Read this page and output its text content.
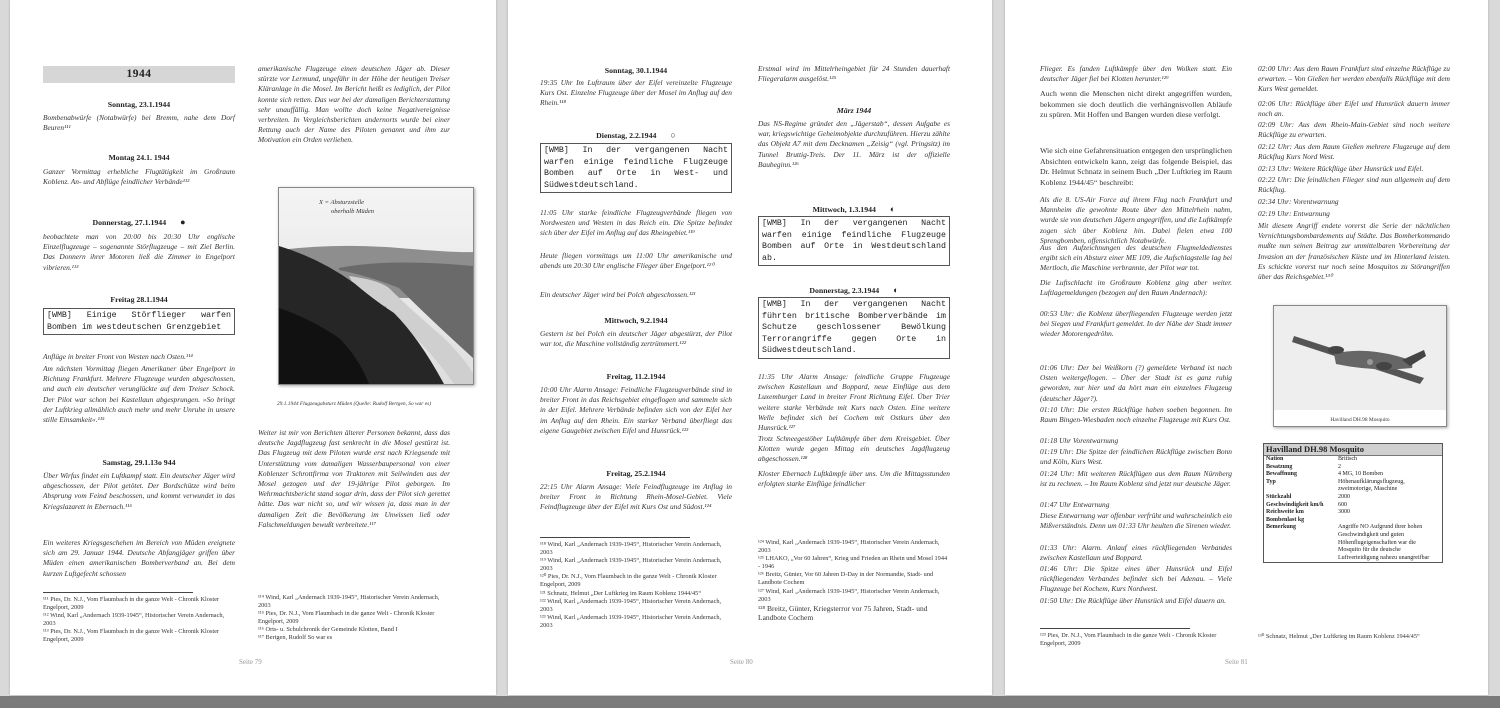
1944
Sonntag, 23.1.1944
Bombenabwürfe (Notabwürfe) bei Bremm, nahe dem Dorf Beuren¹¹¹
Montag 24.1. 1944
Ganzer Vormittag erhebliche Flugtätigkeit im Großraum Koblenz. An- und Abflüge feindlicher Verbände¹¹²
Donnerstag, 27.1.1944 ●
beobachtete man von 20:00 bis 20:30 Uhr englische Einzelflugzeuge – sogenannte Störflugzeuge – mit Ziel Berlin. Das Donnern ihrer Motoren ließ die Zimmer in Engelport vibrieren.¹¹³
Freitag 28.1.1944
[WMB] Einige Störflieger warfen Bomben im westdeutschen Grenzgebiet
Anflüge in breiter Front von Westen nach Osten.¹¹⁴
Am nächsten Vormittag fliegen Amerikaner über Engelport in Richtung Frankfurt. Mehrere Flugzeuge wurden abgeschossen, und auch ein deutscher verunglückte auf dem Treiser Schock. Der Pilot war schon bei Kastellaun abgesprungen. »So bringt der Luftkrieg allmählich auch mehr und mehr Unruhe in unsere stille Einsamkeit«.¹¹⁵
Samstag, 29.1.13o 944
Über Wirfus findet ein Luftkampf statt. Ein deutscher Jäger wird abgeschossen, der Pilot getötet. Der Bordschütze wird beim Absprung vom Feind beschossen, und kommt verwundet in das Kriegslazarett in Ebernach.¹¹⁶
Ein weiteres Kriegsgeschehen im Bereich von Müden ereignete sich am 29. Januar 1944. Deutsche Abfangjäger griffen über Müden einen amerikanischen Bomberverband an. Bei dem kurzen Luftgefecht schossen
¹¹¹ Pies, Dr. N.J., Vom Flaumbach in die ganze Welt - Chronik Kloster Engelport, 2009
¹¹² Wind, Karl „Andernach 1939-1945“, Historischer Verein Andernach, 2003
¹¹³ Pies, Dr. N.J., Vom Flaumbach in die ganze Welt - Chronik Kloster Engelport, 2009
amerikanische Flugzeuge einen deutschen Jäger ab. Dieser stürzte vor Lermund, ungefähr in der Höhe der heutigen Treiser Kläranlage in die Mosel. Im Bericht heißt es lediglich, der Pilot konnte sich retten. Das war bei der damaligen Berichterstattung sehr unauffällig. Man wollte doch keine Negativereignisse verbreiten. In Vergleichsberichten andernorts wurde bei einer Rettung auch der Name des Piloten genannt und ihm zur Motivation ein Orden verliehen.
X = Absturzstelle
oberhalb Müden
x
29.1.1944 Flugzeugabsturz Müden (Quelle: Rudolf Bertgen, So war es)
Weiter ist mir von Berichten älterer Personen bekannt, dass das deutsche Jagdflugzeug fast senkrecht in die Mosel gestürzt ist. Das Flugzeug mit dem Piloten wurde erst nach Kriegsende mit Unterstützung vom damaligen Wasserbaupersonal von einer Koblenzer Schrottfirma von Traktoren mit Seilwinden aus der Mosel gezogen und der 19-jährige Pilot geborgen. Im Wehrmachtsbericht stand sogar drin, dass der Pilot sich gerettet hätte. Das war nicht so, und wir wissen ja, dass man in der damaligen Zeit die Bevölkerung im Unwissen ließ oder Falschmeldungen bewußt verbreitete.¹¹⁷
¹¹⁴ Wind, Karl „Andernach 1939-1945“, Historischer Verein Andernach, 2003
¹¹⁵ Pies, Dr. N.J., Vom Flaumbach in die ganze Welt - Chronik Kloster Engelport, 2009
¹¹⁶ Orts- u. Schulchronik der Gemeinde Klotten, Band I
¹¹⁷ Bertgen, Rudolf So war es
Seite 79
Sonntag, 30.1.1944
19:35 Uhr Im Luftraum über der Eifel vereinzelte Flugzeuge Kurs Ost. Einzelne Flugzeuge über der Mosel im Anflug auf den Rhein.¹¹⁸
Dienstag, 2.2.1944 ○
[WMB] In der vergangenen Nacht warfen einige feindliche Flugzeuge Bomben auf Orte in West- und Südwestdeutschland.
11:05 Uhr starke feindliche Flugzeugverbände fliegen von Nordwesten und Westen in das Reich ein. Die Spitze befindet sich über der Eifel im Anflug auf das Rheingebiet.¹¹⁹
Heute fliegen vormittags um 11:00 Uhr amerikanische und abends um 20:30 Uhr englische Flieger über Engelport.¹²⁰
Ein deutscher Jäger wird bei Polch abgeschossen.¹²¹
Mittwoch, 9.2.1944
Gestern ist bei Polch ein deutscher Jäger abgestürzt, der Pilot war tot, die Maschine vollständig zertrümmert.¹²²
Freitag, 11.2.1944
10:00 Uhr Alarm Ansage: Feindliche Flugzeugverbände sind in breiter Front in das Reichsgebiet eingeflogen und sammeln sich in der Eifel. Mehrere Verbände befinden sich von der Eifel her im Anflug auf den Rhein. Ein starker Verband überfliegt das eigene Gaugebiet zwischen Eifel und Hunsrück.¹²³
Freitag, 25.2.1944
22:15 Uhr Alarm Ansage: Viele Feindflugzeuge im Anflug in breiter Front in Richtung Rhein-Mosel-Gebiet. Viele Feindflugzeuge über der Eifel mit Kurs Ost und Südost.¹²⁴
¹¹⁸ Wind, Karl „Andernach 1939-1945“, Historischer Verein Andernach, 2003
¹¹⁹ Wind, Karl „Andernach 1939-1945“, Historischer Verein Andernach, 2003
¹²⁰ Pies, Dr. N.J., Vom Flaumbach in die ganze Welt - Chronik Kloster Engelport, 2009
¹²¹ Schnatz, Helmut „Der Luftkrieg im Raum Koblenz 1944/45“
¹²² Wind, Karl „Andernach 1939-1945“, Historischer Verein Andernach, 2003
¹²³ Wind, Karl „Andernach 1939-1945“, Historischer Verein Andernach, 2003
Erstmal wird im Mittelrheingebiet für 24 Stunden dauerhaft Fliegeralarm ausgelöst.¹²⁵
März 1944
Das NS-Regime gründet den „Jägerstab“, dessen Aufgabe es war, kriegswichtige Geheimobjekte durchzuführen. Hierzu zählte das Objekt A7 mit dem Decknamen „Zeisig“ (vgl. Pringsitz) im Tunnel Bruttig-Treis. Der 11. März ist der offizielle Baubeginn.¹²⁶
Mittwoch, 1.3.1944 ◐
[WMB] In der vergangenen Nacht warfen einige feindliche Flugzeuge Bomben auf Orte in Westdeutschland ab.
Donnerstag, 2.3.1944 ◐
[WMB] In der vergangenen Nacht führten britische Bomberverbände im Schutze geschlossener Bewölkung Terrorangriffe gegen Orte in Südwestdeutschland.
11:35 Uhr Alarm Ansage: feindliche Gruppe Flugzeuge zwischen Kastellaun und Boppard, neue Einflüge aus dem Luxemburger Land in breiter Front Richtung Eifel. Über Trier weitere starke Verbände mit Kurs nach Osten. Eine weitere Welle befindet sich bei Cochem mit Ostkurs über den Hunsrück.¹²⁷
Trotz Schneegestöber Luftkämpfe über dem Kreisgebiet. Über Klotten wurde gegen Mittag ein deutsches Jagdflugzeug abgeschossen.¹²⁸
Kloster Ebernach Luftkämpfe über uns. Um die Mittagsstunden erfolgten starke Einflüge feindlicher
¹²⁴ Wind, Karl „Andernach 1939-1945“, Historischer Verein Andernach, 2003
¹²⁵ LHAKO, „Vor 60 Jahren“, Krieg und Frieden an Rhein und Mosel 1944 - 1946
¹²⁶ Breitz, Günter, Vor 60 Jahren D-Day in der Normandie, Stadt- und Landbote Cochem
¹²⁷ Wind, Karl „Andernach 1939-1945“, Historischer Verein Andernach, 2003
¹²⁸ Breitz, Günter, Kriegsterror vor 75 Jahren, Stadt- und Landbote Cochem
Seite 80
Flieger. Es fanden Luftkämpfe über den Wolken statt. Ein deutscher Jäger fiel bei Klotten herunter.¹²⁹
Auch wenn die Menschen nicht direkt angegriffen wurden, bekommen sie doch deutlich die verhängnisvollen Abläufe zu spüren. Mit Hoffen und Bangen wurden diese verfolgt.
Wie sich eine Gefahrensituation entgegen den ursprünglichen Absichten entwickeln kann, zeigt das folgende Beispiel, das Dr. Helmut Schnatz in seinem Buch „Der Luftkrieg im Raum Koblenz 1944/45“ beschreibt:
Als die 8. US-Air Force auf ihrem Flug nach Frankfurt und Mannheim die gewohnte Route über den Mittelrhein nahm, wurde sie von deutschen Jägern angegriffen, und die Luftkämpfe zogen sich über Koblenz hin. Dabei fielen etwa 100 Sprengbomben, offensichtlich Notabwürfe.
Aus den Aufzeichnungen des deutschen Flugmeldedienstes ergibt sich ein Absturz einer ME 109, die Aufschlagstelle lag bei Mertloch, die Maschine verbrannte, der Pilot war tot.
Die Luftschlacht im Großraum Koblenz ging aber weiter. Luftlagemeldungen (bezogen auf den Raum Andernach):
00:53 Uhr: die Koblenz überfliegenden Flugzeuge werden jetzt bei Siegen und Frankfurt gemeldet. In der Nähe der Stadt immer wieder Motorengedröhn.
01:06 Uhr: Der bei Weißkorn (?) gemeldete Verband ist nach Osten weitergeflogen. – Über der Stadt ist es ganz ruhig geworden, nur hier und da hört man ein einzelnes Flugzeug (deutscher Jäger?).
01:10 Uhr: Die ersten Rückflüge haben soeben begonnen. Im Raum Bingen-Wiesbaden noch einzelne Flugzeuge mit Kurs Ost.
01:18 Uhr Vorentwarnung
01:19 Uhr: Die Spitze der feindlichen Rückflüge zwischen Bonn und Köln, Kurs West.
01:24 Uhr: Mit weiteren Rückflügen aus dem Raum Nürnberg ist zu rechnen. – Im Raum Koblenz sind jetzt nur deutsche Jäger.
01:47 Uhr Entwarnung
Diese Entwarnung war offenbar verfrüht und wahrscheinlich ein Mißverständnis. Denn um 01:33 Uhr heulten die Sirenen wieder.
01:33 Uhr: Alarm. Anlauf eines rückfliegenden Verbandes zwischen Kastellaun und Boppard.
01:46 Uhr: Die Spitze eines über Hunsrück und Eifel rückfliegenden Verbandes befindet sich bei Adenau. – Viele Flugzeuge bei Kochem, Kurs Nordwest.
01:50 Uhr: Die Rückflüge über Hunsrück und Eifel dauern an.
¹²⁹ Pies, Dr. N.J., Vom Flaumbach in die ganze Welt - Chronik Kloster Engelport, 2009
02:00 Uhr: Aus dem Raum Frankfurt sind einzelne Rückflüge zu erwarten. – Von Gießen her werden ebenfalls Rückflüge mit dem Kurs West gemeldet.
02:06 Uhr: Rückflüge über Eifel und Hunsrück dauern immer noch an.
02:09 Uhr: Aus dem Rhein-Main-Gebiet sind noch weitere Rückflüge zu erwarten.
02:12 Uhr: Aus dem Raum Gießen mehrere Flugzeuge auf dem Rückflug Kurs Nord West.
02:13 Uhr: Weitere Rückflüge über Hunsrück und Eifel.
02:22 Uhr: Die feindlichen Flieger sind nun allgemein auf dem Rückflug.
02:34 Uhr: Vorentwarnung
02:19 Uhr: Entwarnung
Mit diesem Angriff endete vorerst die Serie der nächtlichen Vernichtungsbombardements auf Städte. Das Bomberkommando mußte nun seinen Beitrag zur unmittelbaren Vorbereitung der Invasion an der französischen Küste und im Hinterland leisten. Es schickte vorerst nur noch seine Mosquitos zu Störangriffen über das Reichsgebiet.¹³⁰
Havilland DH.98 Mosquito
Havilland DH.98 Mosquito
Nation	Britisch
Besatzung	2
Bewaffnung	4 MG, 10 Bomben
Typ	Höhenaufklärungsflugzeug, zweimotorige, Maschine
Stückzahl	2000
Geschwindigkeit km/h	600
Reichweite km	3000
Bombenlast kg
Bemerkung	Angriffe NO Aufgrund ihrer hohen Geschwindigkeit und guten Höhenflugeigenschaften war die Mosquito für die deutsche Luftverteidigung nahezu unangreifbar
¹³⁰ Schnatz, Helmut „Der Luftkrieg im Raum Koblenz 1944/45“
Seite 81
